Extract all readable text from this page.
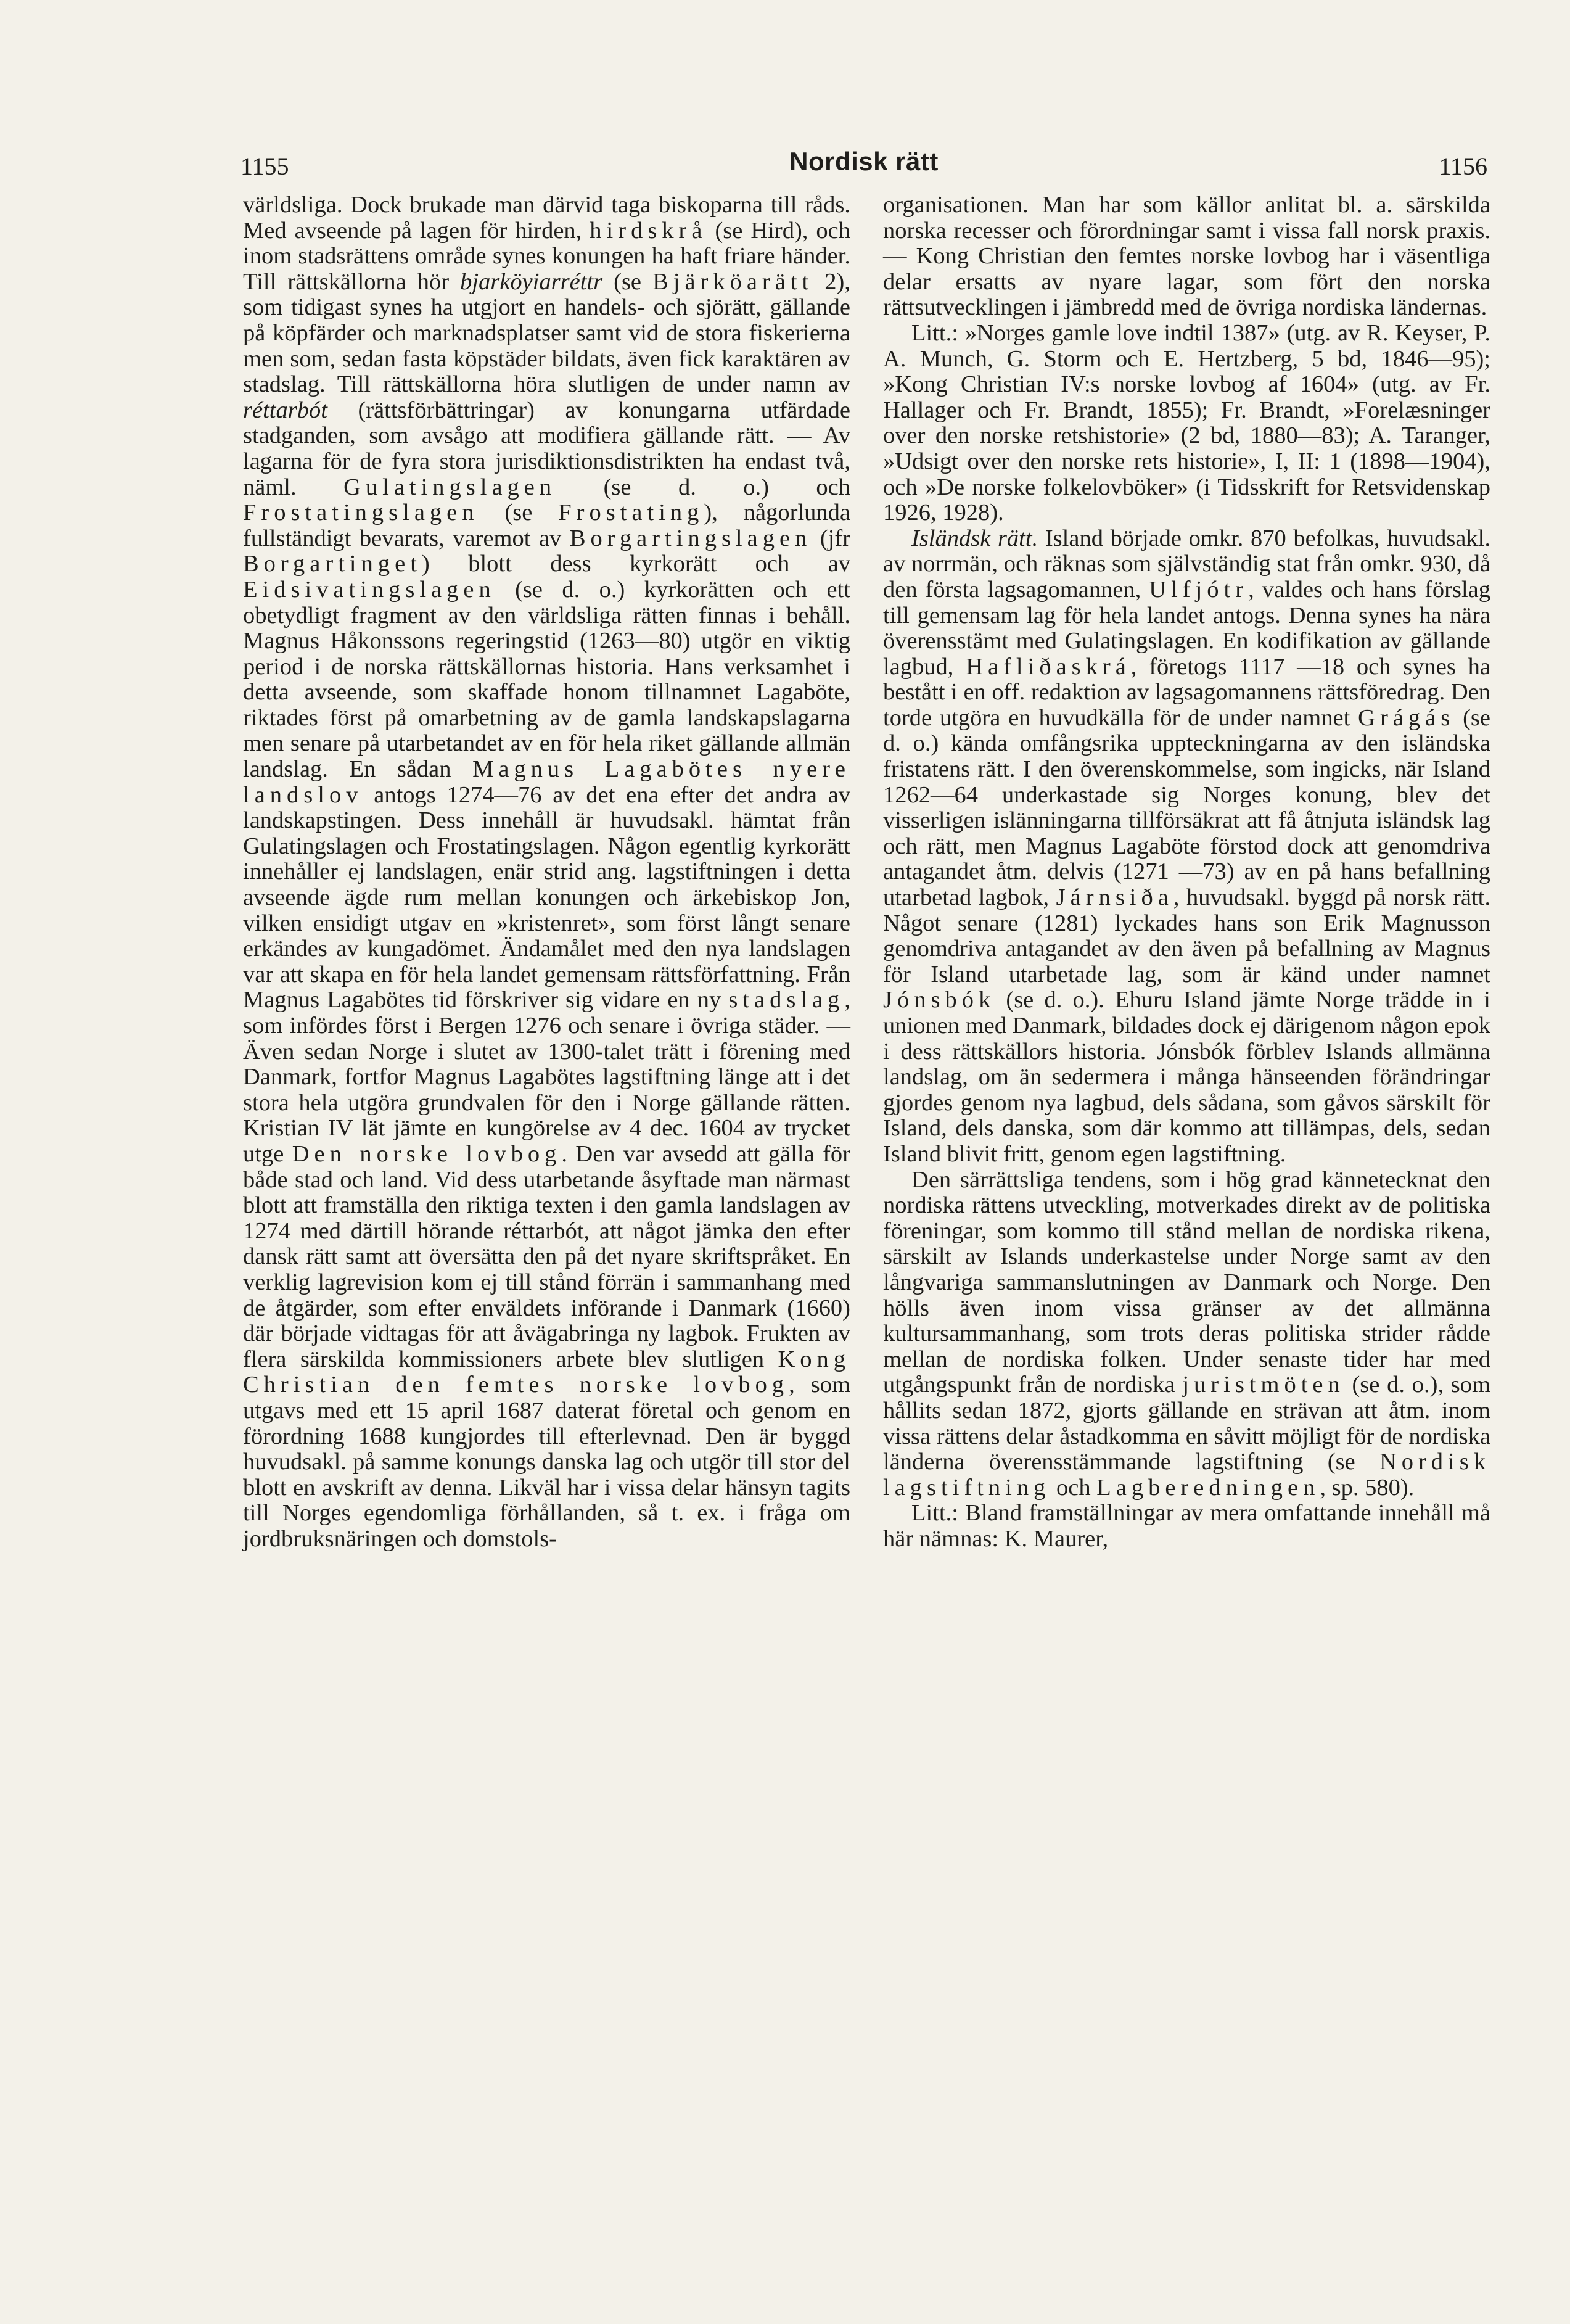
1155	Nordisk rätt	1156

världsliga. Dock brukade man därvid taga biskoparna till råds. Med avseende på lagen för hirden, hirdskrå (se Hird), och inom stadsrättens område synes konungen ha haft friare händer. Till rättskällorna hör bjarköyiarréttr (se Bjärköarätt 2), som tidigast synes ha utgjort en handels- och sjörätt, gällande på köpfärder och marknadsplatser samt vid de stora fiskerierna men som, sedan fasta köpstäder bildats, även fick karaktären av stadslag. Till rättskällorna höra slutligen de under namn av réttarbót (rättsförbättringar) av konungarna utfärdade stadganden, som avsågo att modifiera gällande rätt. — Av lagarna för de fyra stora jurisdiktionsdistrikten ha endast två, näml. Gulatingslagen (se d. o.) och Frostatingslagen (se Frostating), någorlunda fullständigt bevarats, varemot av Borgartingslagen (jfr Borgartinget) blott dess kyrkorätt och av Eidsivatingslagen (se d. o.) kyrkorätten och ett obetydligt fragment av den världsliga rätten finnas i behåll. Magnus Håkonssons regeringstid (1263—80) utgör en viktig period i de norska rättskällornas historia. Hans verksamhet i detta avseende, som skaffade honom tillnamnet Lagaböte, riktades först på omarbetning av de gamla landskapslagarna men senare på utarbetandet av en för hela riket gällande allmän landslag. En sådan Magnus Lagabötes nyere landslov antogs 1274—76 av det ena efter det andra av landskapstingen. Dess innehåll är huvudsakl. hämtat från Gulatingslagen och Frostatingslagen. Någon egentlig kyrkorätt innehåller ej landslagen, enär strid ang. lagstiftningen i detta avseende ägde rum mellan konungen och ärkebiskop Jon, vilken ensidigt utgav en »kristenret», som först långt senare erkändes av kungadömet. Ändamålet med den nya landslagen var att skapa en för hela landet gemensam rättsförfattning. Från Magnus Lagabötes tid förskriver sig vidare en ny stadslag, som infördes först i Bergen 1276 och senare i övriga städer. — Även sedan Norge i slutet av 1300-talet trätt i förening med Danmark, fortfor Magnus Lagabötes lagstiftning länge att i det stora hela utgöra grundvalen för den i Norge gällande rätten. Kristian IV lät jämte en kungörelse av 4 dec. 1604 av trycket utge Den norske lovbog. Den var avsedd att gälla för både stad och land. Vid dess utarbetande åsyftade man närmast blott att framställa den riktiga texten i den gamla landslagen av 1274 med därtill hörande réttarbót, att något jämka den efter dansk rätt samt att översätta den på det nyare skriftspråket. En verklig lagrevision kom ej till stånd förrän i sammanhang med de åtgärder, som efter enväldets införande i Danmark (1660) där började vidtagas för att åvägabringa ny lagbok. Frukten av flera särskilda kommissioners arbete blev slutligen Kong Christian den femtes norske lovbog, som utgavs med ett 15 april 1687 daterat företal och genom en förordning 1688 kungjordes till efterlevnad. Den är byggd huvudsakl. på samme konungs danska lag och utgör till stor del blott en avskrift av denna. Likväl har i vissa delar hänsyn tagits till Norges egendomliga förhållanden, så t. ex. i fråga om jordbruksnäringen och domstols-

organisationen. Man har som källor anlitat bl. a. särskilda norska recesser och förordningar samt i vissa fall norsk praxis. — Kong Christian den femtes norske lovbog har i väsentliga delar ersatts av nyare lagar, som fört den norska rättsutvecklingen i jämbredd med de övriga nordiska ländernas.

Litt.: »Norges gamle love indtil 1387» (utg. av R. Keyser, P. A. Munch, G. Storm och E. Hertzberg, 5 bd, 1846—95); »Kong Christian IV:s norske lovbog af 1604» (utg. av Fr. Hallager och Fr. Brandt, 1855); Fr. Brandt, »Forelæsninger over den norske retshistorie» (2 bd, 1880—83); A. Taranger, »Udsigt over den norske rets historie», I, II: 1 (1898—1904), och »De norske folkelovböker» (i Tidsskrift for Retsvidenskap 1926, 1928).

Isländsk rätt. Island började omkr. 870 befolkas, huvudsakl. av norrmän, och räknas som självständig stat från omkr. 930, då den första lagsagomannen, Ulfjótr, valdes och hans förslag till gemensam lag för hela landet antogs. Denna synes ha nära överensstämt med Gulatingslagen. En kodifikation av gällande lagbud, Hafliðaskrá, företogs 1117 —18 och synes ha bestått i en off. redaktion av lagsagomannens rättsföredrag. Den torde utgöra en huvudkälla för de under namnet Grágás (se d. o.) kända omfångsrika uppteckningarna av den isländska fristatens rätt. I den överenskommelse, som ingicks, när Island 1262—64 underkastade sig Norges konung, blev det visserligen islänningarna tillförsäkrat att få åtnjuta isländsk lag och rätt, men Magnus Lagaböte förstod dock att genomdriva antagandet åtm. delvis (1271 —73) av en på hans befallning utarbetad lagbok, Járnsiða, huvudsakl. byggd på norsk rätt. Något senare (1281) lyckades hans son Erik Magnusson genomdriva antagandet av den även på befallning av Magnus för Island utarbetade lag, som är känd under namnet Jónsbók (se d. o.). Ehuru Island jämte Norge trädde in i unionen med Danmark, bildades dock ej därigenom någon epok i dess rättskällors historia. Jónsbók förblev Islands allmänna landslag, om än sedermera i många hänseenden förändringar gjordes genom nya lagbud, dels sådana, som gåvos särskilt för Island, dels danska, som där kommo att tillämpas, dels, sedan Island blivit fritt, genom egen lagstiftning.

Den särrättsliga tendens, som i hög grad kännetecknat den nordiska rättens utveckling, motverkades direkt av de politiska föreningar, som kommo till stånd mellan de nordiska rikena, särskilt av Islands underkastelse under Norge samt av den långvariga sammanslutningen av Danmark och Norge. Den hölls även inom vissa gränser av det allmänna kultursammanhang, som trots deras politiska strider rådde mellan de nordiska folken. Under senaste tider har med utgångspunkt från de nordiska juristmöten (se d. o.), som hållits sedan 1872, gjorts gällande en strävan att åtm. inom vissa rättens delar åstadkomma en såvitt möjligt för de nordiska länderna överensstämmande lagstiftning (se Nordisk lagstiftning och Lagberedningen, sp. 580).

Litt.: Bland framställningar av mera omfattande innehåll må här nämnas: K. Maurer,
